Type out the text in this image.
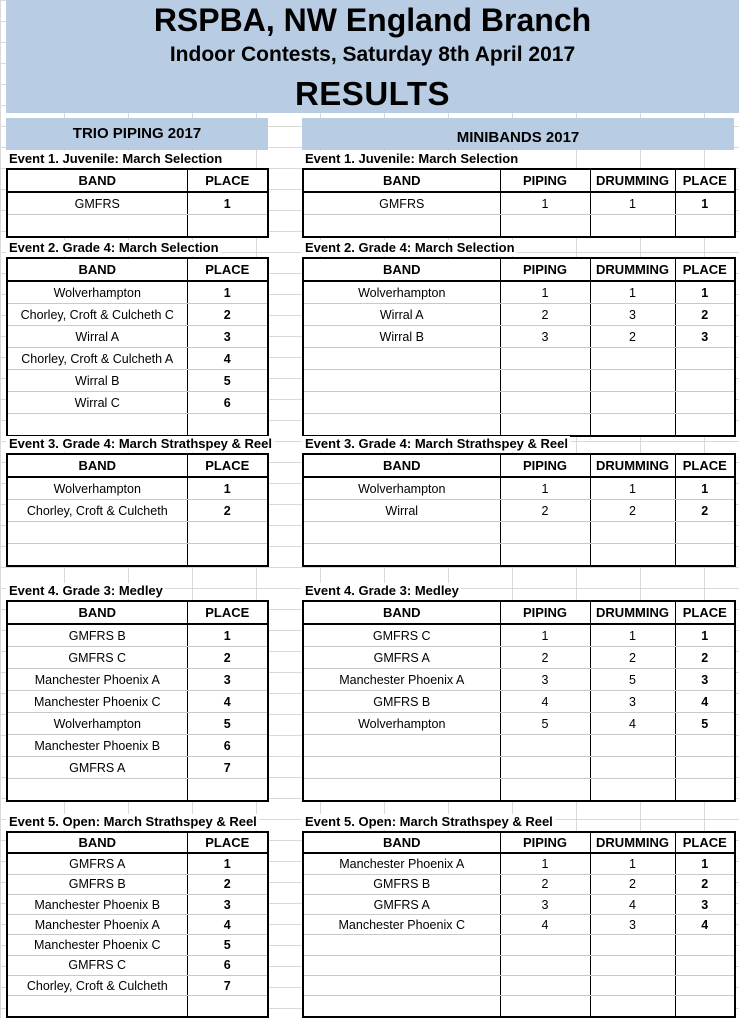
RSPBA, NW England Branch
Indoor Contests, Saturday 8th April 2017
RESULTS
TRIO PIPING 2017	MINIBANDS 2017
Event 1. Juvenile: March Selection
BAND	PLACE
GMFRS	1

Event 2. Grade 4: March Selection
BAND	PLACE
Wolverhampton	1
Chorley, Croft & Culcheth C	2
Wirral A	3
Chorley, Croft & Culcheth A	4
Wirral B	5
Wirral C	6

Event 3. Grade 4: March Strathspey & Reel
BAND	PLACE
Wolverhampton	1
Chorley, Croft & Culcheth	2

Event 4. Grade 3: Medley
BAND	PLACE
GMFRS B	1
GMFRS C	2
Manchester Phoenix A	3
Manchester Phoenix C	4
Wolverhampton	5
Manchester Phoenix B	6
GMFRS A	7

Event 5. Open: March Strathspey & Reel
BAND	PLACE
GMFRS A	1
GMFRS B	2
Manchester Phoenix B	3
Manchester Phoenix A	4
Manchester Phoenix C	5
GMFRS C	6
Chorley, Croft & Culcheth	7

Event 1. Juvenile: March Selection
BAND	PIPING	DRUMMING	PLACE
GMFRS	1	1	1

Event 2. Grade 4: March Selection
BAND	PIPING	DRUMMING	PLACE
Wolverhampton	1	1	1
Wirral A	2	3	2
Wirral B	3	2	3

Event 3. Grade 4: March Strathspey & Reel
BAND	PIPING	DRUMMING	PLACE
Wolverhampton	1	1	1
Wirral	2	2	2

Event 4. Grade 3: Medley
BAND	PIPING	DRUMMING	PLACE
GMFRS C	1	1	1
GMFRS A	2	2	2
Manchester Phoenix A	3	5	3
GMFRS B	4	3	4
Wolverhampton	5	4	5

Event 5. Open: March Strathspey & Reel
BAND	PIPING	DRUMMING	PLACE
Manchester Phoenix A	1	1	1
GMFRS B	2	2	2
GMFRS A	3	4	3
Manchester Phoenix C	4	3	4
